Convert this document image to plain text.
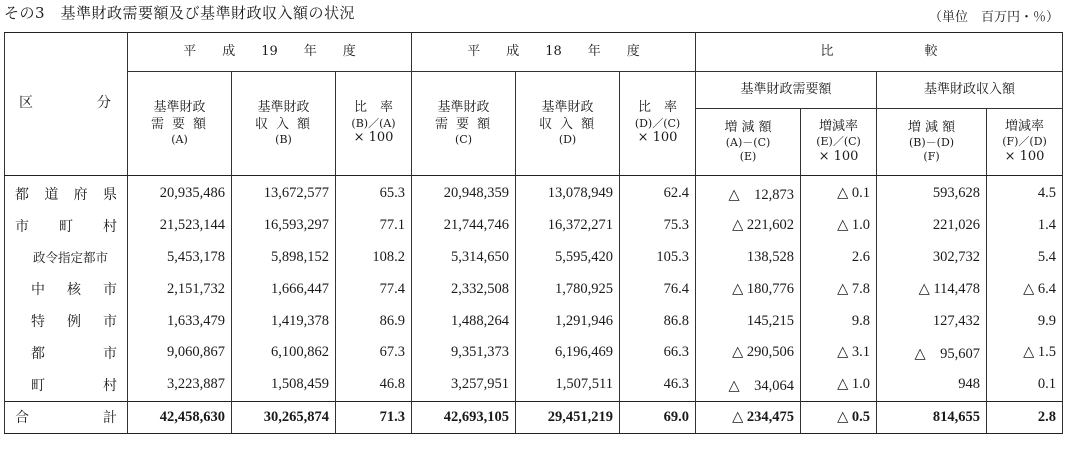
その3　基準財政需要額及び基準財政収入額の状況	（単位　百万円・％）
区 分	平　　成　　19　　年　　度			平　　成　　18　　年　　度			比　　　　　　　較			
	基準財政
需 要 額

(A)	基準財政
収 入 額

(B)	比　率

(B)／(A)
× 100	基準財政
需 要 額

(C)	基準財政
収 入 額

(D)	比　率

(D)／(C)
× 100	基準財政需要額		基準財政収入額	
							増 減 額
(A)－(C)
(E)	増減率
(E)／(C)
× 100	増 減 額
(B)－(D)
(F)	増減率
(F)／(D)
× 100

都 道 府 県	20,935,486	13,672,577	65.3	20,948,359	13,078,949	62.4	△　12,873	△ 0.1	593,628	4.5

市 町 村	21,523,144	16,593,297	77.1	21,744,746	16,372,271	75.3	△ 221,602	△ 1.0	221,026	1.4

政令指定都市	5,453,178	5,898,152	108.2	5,314,650	5,595,420	105.3	138,528	2.6	302,732	5.4

中 核 市	2,151,732	1,666,447	77.4	2,332,508	1,780,925	76.4	△ 180,776	△ 7.8	△ 114,478	△ 6.4

特 例 市	1,633,479	1,419,378	86.9	1,488,264	1,291,946	86.8	145,215	9.8	127,432	9.9

都 市	9,060,867	6,100,862	67.3	9,351,373	6,196,469	66.3	△ 290,506	△ 3.1	△　95,607	△ 1.5

町 村	3,223,887	1,508,459	46.8	3,257,951	1,507,511	46.3	△　34,064	△ 1.0	948	0.1

合 計	42,458,630	30,265,874	71.3	42,693,105	29,451,219	69.0	△ 234,475	△ 0.5	814,655	2.8
